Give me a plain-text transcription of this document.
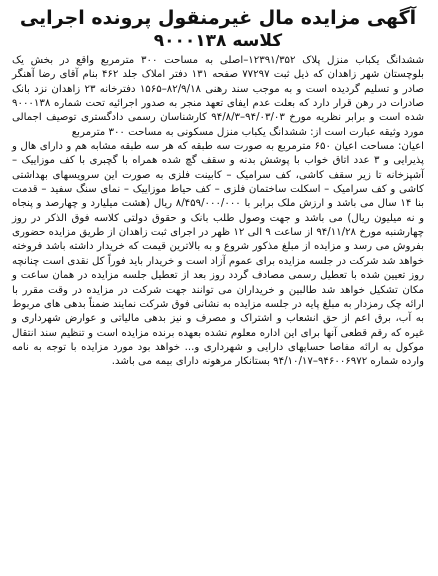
آگهی مزایده مال غیرمنقول پرونده اجرایی
کلاسه ۹۰۰۰۱۳۸

ششدانگ یکباب منزل پلاک ۱۲۳۹۱/۳۵۲–اصلی به مساحت ۳۰۰ مترمربع واقع در بخش یک بلوچستان شهر زاهدان که ذیل ثبت ۷۷۲۹۷ صفحه ۱۳۱ دفتر املاک جلد ۴۶۲ بنام آقای رضا آهنگر صادر و تسلیم گردیده است و به موجب سند رهنی ۸۲/۹/۱۸–۱۵۶۵ دفترخانه ۲۳ زاهدان نزد بانک صادرات در رهن قرار دارد که بعلت عدم ایفای تعهد منجر به صدور اجرائیه تحت شماره ۹۰۰۰۱۳۸ شده است و برابر نظریه مورخ ۹۴/۰۳/۰۳–۹۴/۸/۳ کارشناسان رسمی دادگستری توصیف اجمالی مورد وثیقه عبارت است از: ششدانگ یکباب منزل مسکونی به مساحت ۳۰۰ مترمربع

اعیان: مساحت اعیان ۶۵۰ مترمربع به صورت سه طبقه که هر سه طبقه مشابه هم و دارای هال و پذیرایی و ۳ عدد اتاق خواب با پوشش بدنه و سقف گچ شده همراه با گچبری با کف موزاییک – آشپزخانه تا زیر سقف کاشی، کف سرامیک – کابینت فلزی به صورت این سرویسهای بهداشتی کاشی و کف سرامیک – اسکلت ساختمان فلزی – کف حیاط موزاییک – نمای سنگ سفید – قدمت بنا ۱۴ سال می باشد و ارزش ملک برابر با ۸/۴۵۹/۰۰۰/۰۰۰ ریال (هشت میلیارد و چهارصد و پنجاه و نه میلیون ریال) می باشد و جهت وصول طلب بانک و حقوق دولتی کلاسه فوق الذکر در روز چهارشنبه مورخ ۹۴/۱۱/۲۸ از ساعت ۹ الی ۱۲ ظهر در اجرای ثبت زاهدان از طریق مزایده حضوری بفروش می رسد و مزایده از مبلغ مذکور شروع و به بالاترین قیمت که خریدار داشته باشد فروخته خواهد شد شرکت در جلسه مزایده برای عموم آزاد است و خریدار باید فوراً کل نقدی است چنانچه روز تعیین شده با تعطیل رسمی مصادف گردد روز بعد از تعطیل جلسه مزایده در همان ساعت و مکان تشکیل خواهد شد طالبین و خریداران می توانند جهت شرکت در مزایده در وقت مقرر با ارائه چک رمزدار به مبلغ پایه در جلسه مزایده به نشانی فوق شرکت نمایند ضمناً بدهی های مربوط به آب، برق اعم از حق انشعاب و اشتراک و مصرف و نیز بدهی مالیاتی و عوارض شهرداری و غیره که رقم قطعی آنها برای این اداره معلوم نشده بعهده برنده مزایده است و تنظیم سند انتقال موکول به ارائه مفاصا حسابهای دارایی و شهرداری و... خواهد بود مورد مزایده با توجه به نامه وارده شماره ۹۴۶۰۰۶۹۷۲–۹۴/۱۰/۱۷ بستانکار مرهونه دارای بیمه می باشد.
